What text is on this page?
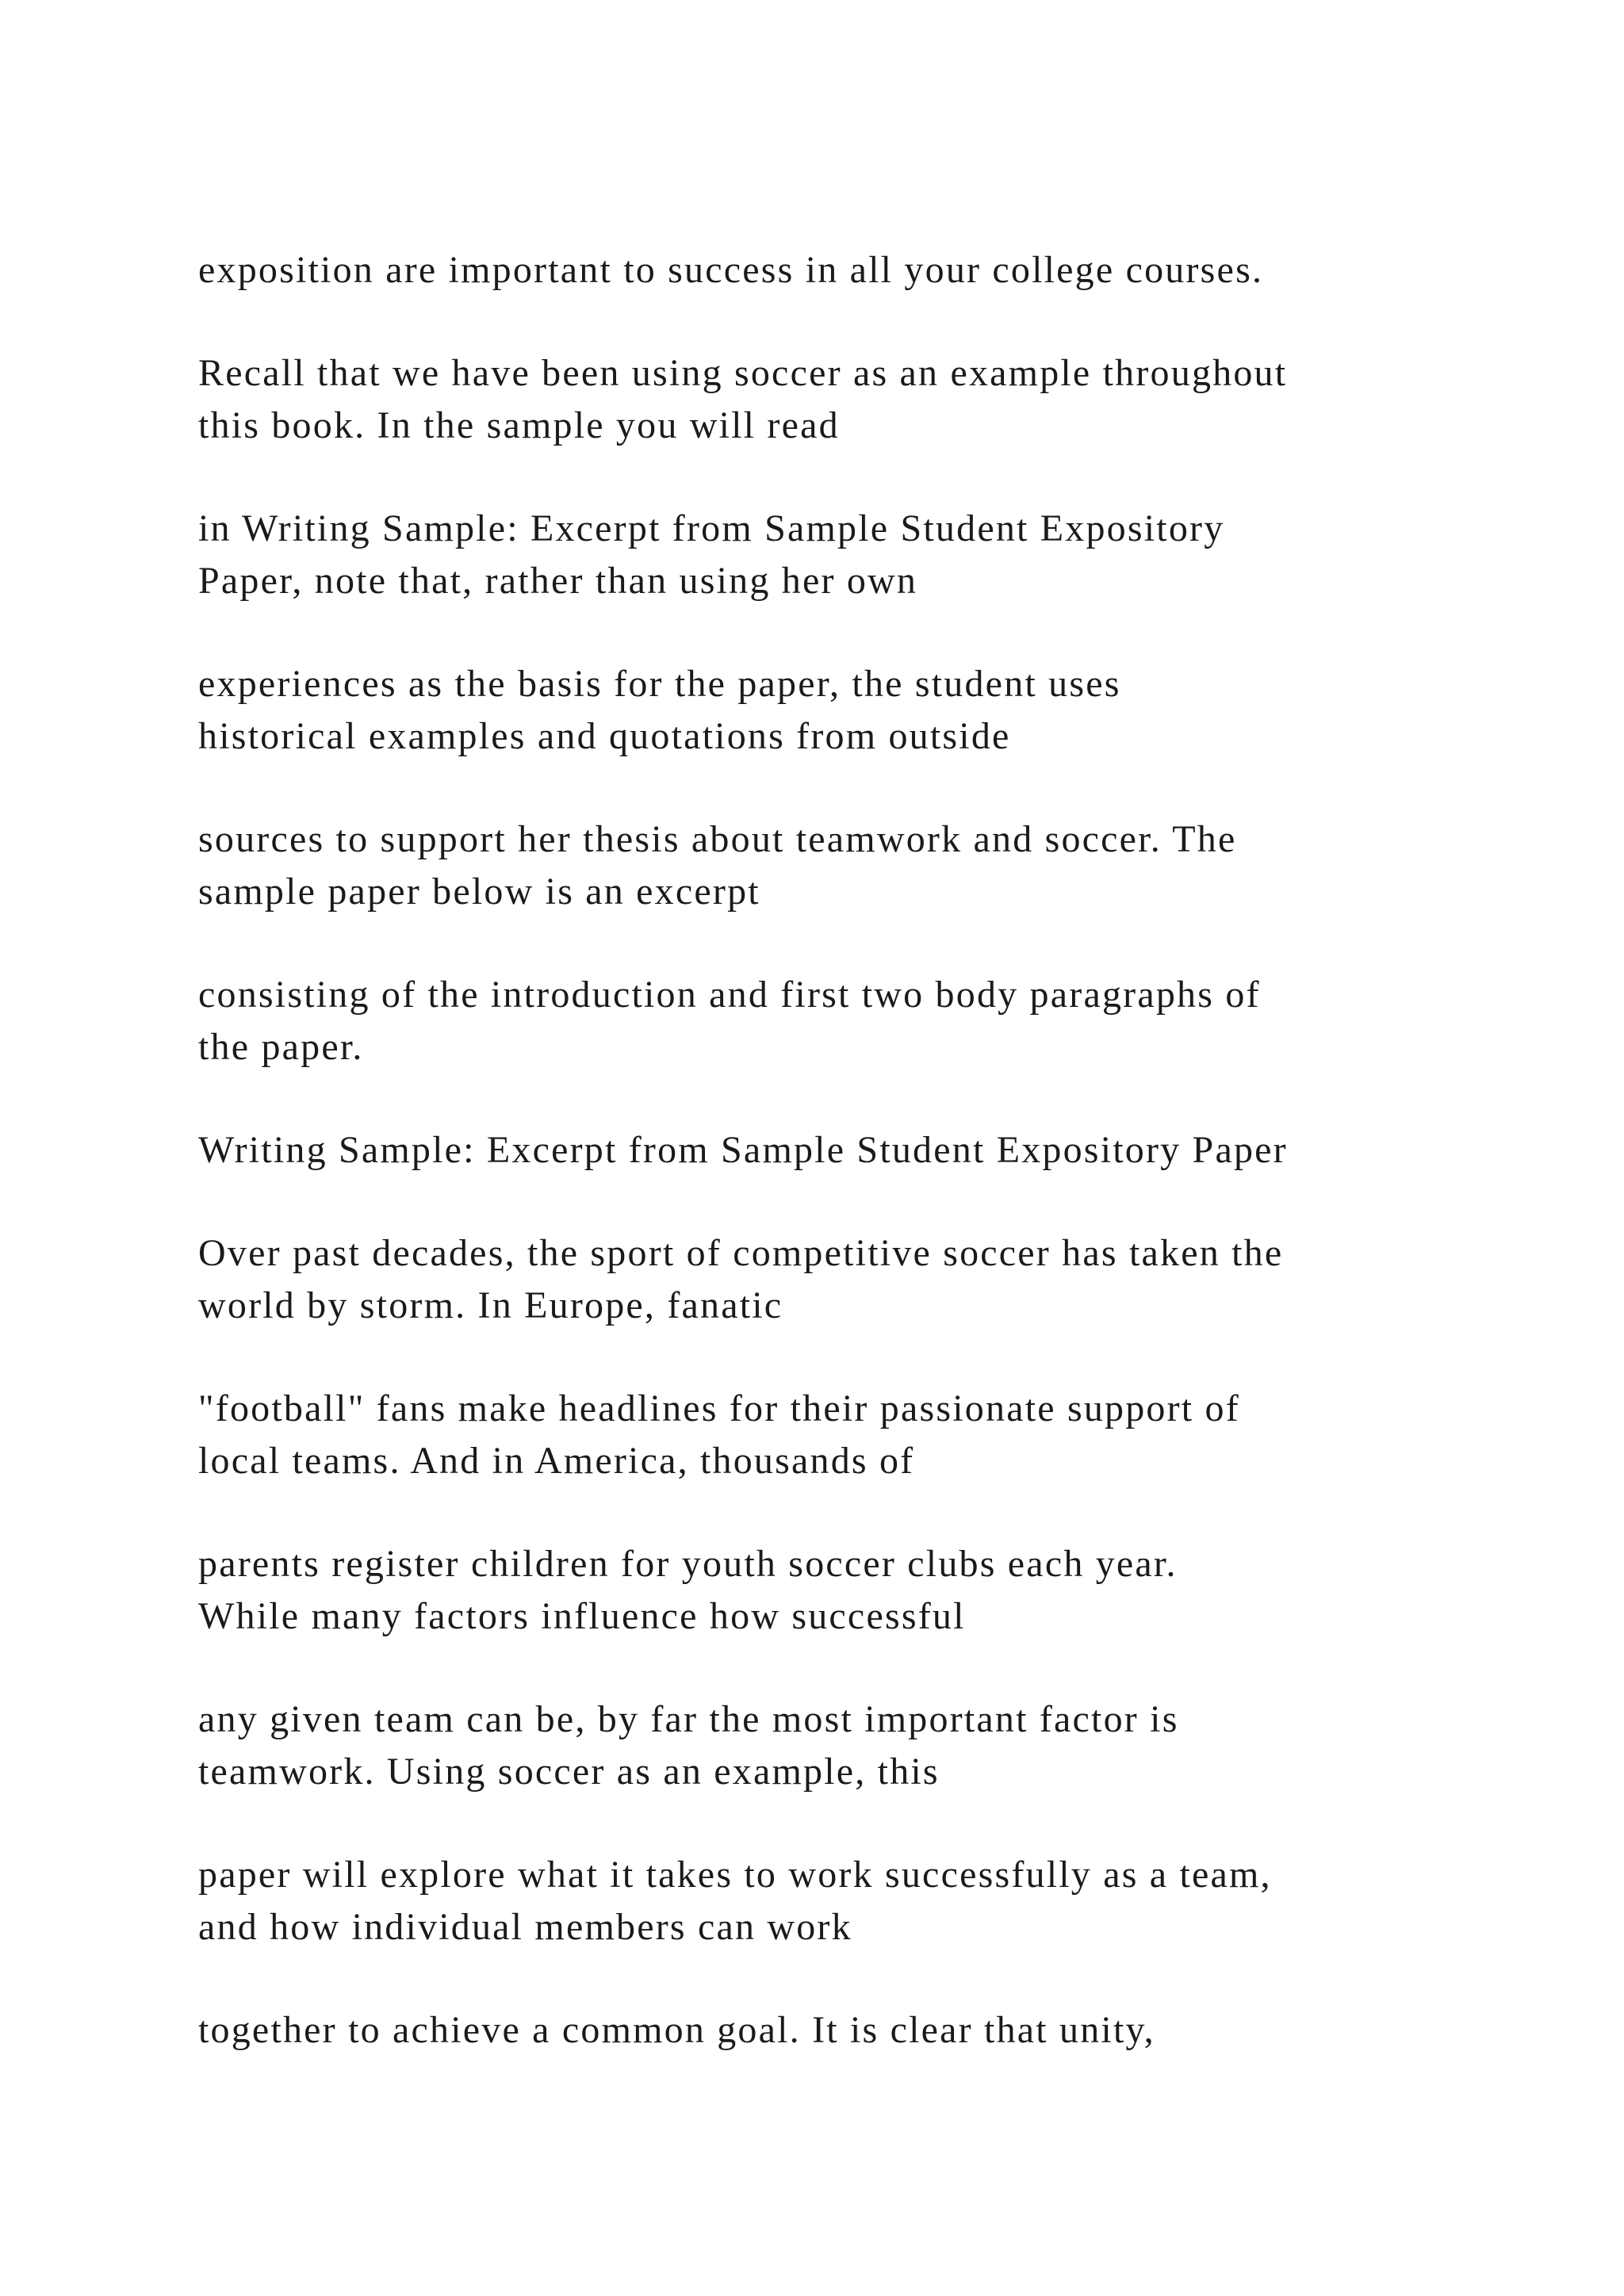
exposition are important to success in all your college courses.

Recall that we have been using soccer as an example throughout
this book. In the sample you will read

in Writing Sample: Excerpt from Sample Student Expository
Paper, note that, rather than using her own

experiences as the basis for the paper, the student uses
historical examples and quotations from outside

sources to support her thesis about teamwork and soccer. The
sample paper below is an excerpt

consisting of the introduction and first two body paragraphs of
the paper.

Writing Sample: Excerpt from Sample Student Expository Paper

Over past decades, the sport of competitive soccer has taken the
world by storm. In Europe, fanatic

"football" fans make headlines for their passionate support of
local teams. And in America, thousands of

parents register children for youth soccer clubs each year.
While many factors influence how successful

any given team can be, by far the most important factor is
teamwork. Using soccer as an example, this

paper will explore what it takes to work successfully as a team,
and how individual members can work

together to achieve a common goal. It is clear that unity,
